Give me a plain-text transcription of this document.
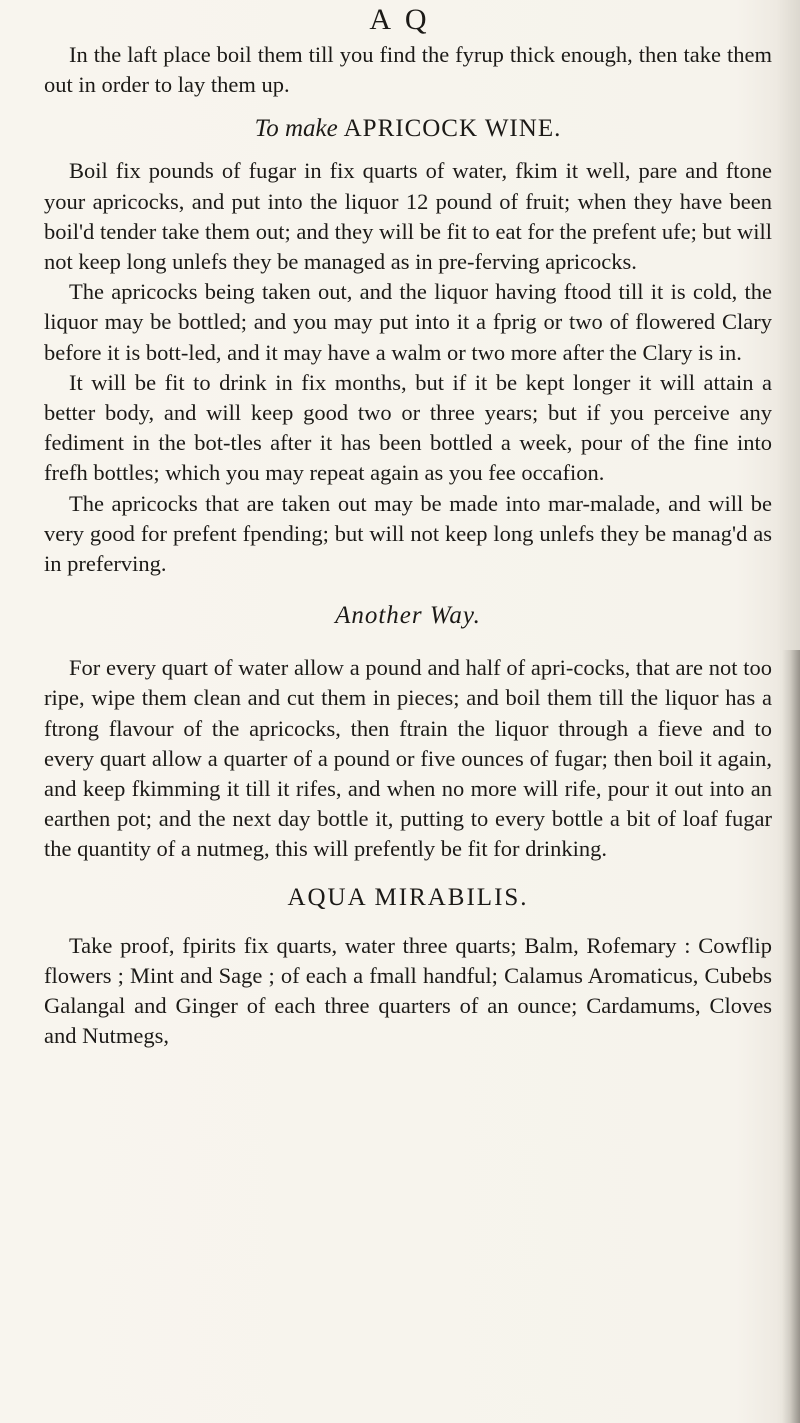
A Q

In the laft place boil them till you find the fyrup thick enough, then take them out in order to lay them up.

To make APRICOCK WINE.

Boil fix pounds of fugar in fix quarts of water, fkim it well, pare and ftone your apricocks, and put into the liquor 12 pound of fruit; when they have been boil'd tender take them out; and they will be fit to eat for the prefent ufe; but will not keep long unlefs they be managed as in pre-ferving apricocks.

The apricocks being taken out, and the liquor having ftood till it is cold, the liquor may be bottled; and you may put into it a fprig or two of flowered Clary before it is bott-led, and it may have a walm or two more after the Clary is in.

It will be fit to drink in fix months, but if it be kept longer it will attain a better body, and will keep good two or three years; but if you perceive any fediment in the bot-tles after it has been bottled a week, pour of the fine into frefh bottles; which you may repeat again as you fee occafion.

The apricocks that are taken out may be made into mar-malade, and will be very good for prefent fpending; but will not keep long unlefs they be manag'd as in preferving.

Another Way.

For every quart of water allow a pound and half of apri-cocks, that are not too ripe, wipe them clean and cut them in pieces; and boil them till the liquor has a ftrong flavour of the apricocks, then ftrain the liquor through a fieve and to every quart allow a quarter of a pound or five ounces of fugar; then boil it again, and keep fkimming it till it rifes, and when no more will rife, pour it out into an earthen pot; and the next day bottle it, putting to every bottle a bit of loaf fugar the quantity of a nutmeg, this will prefently be fit for drinking.

AQUA MIRABILIS.

Take proof, fpirits fix quarts, water three quarts; Balm, Rofemary : Cowflip flowers ; Mint and Sage ; of each a fmall handful; Calamus Aromaticus, Cubebs Galangal and Ginger of each three quarters of an ounce; Cardamums, Cloves and Nutmegs,
